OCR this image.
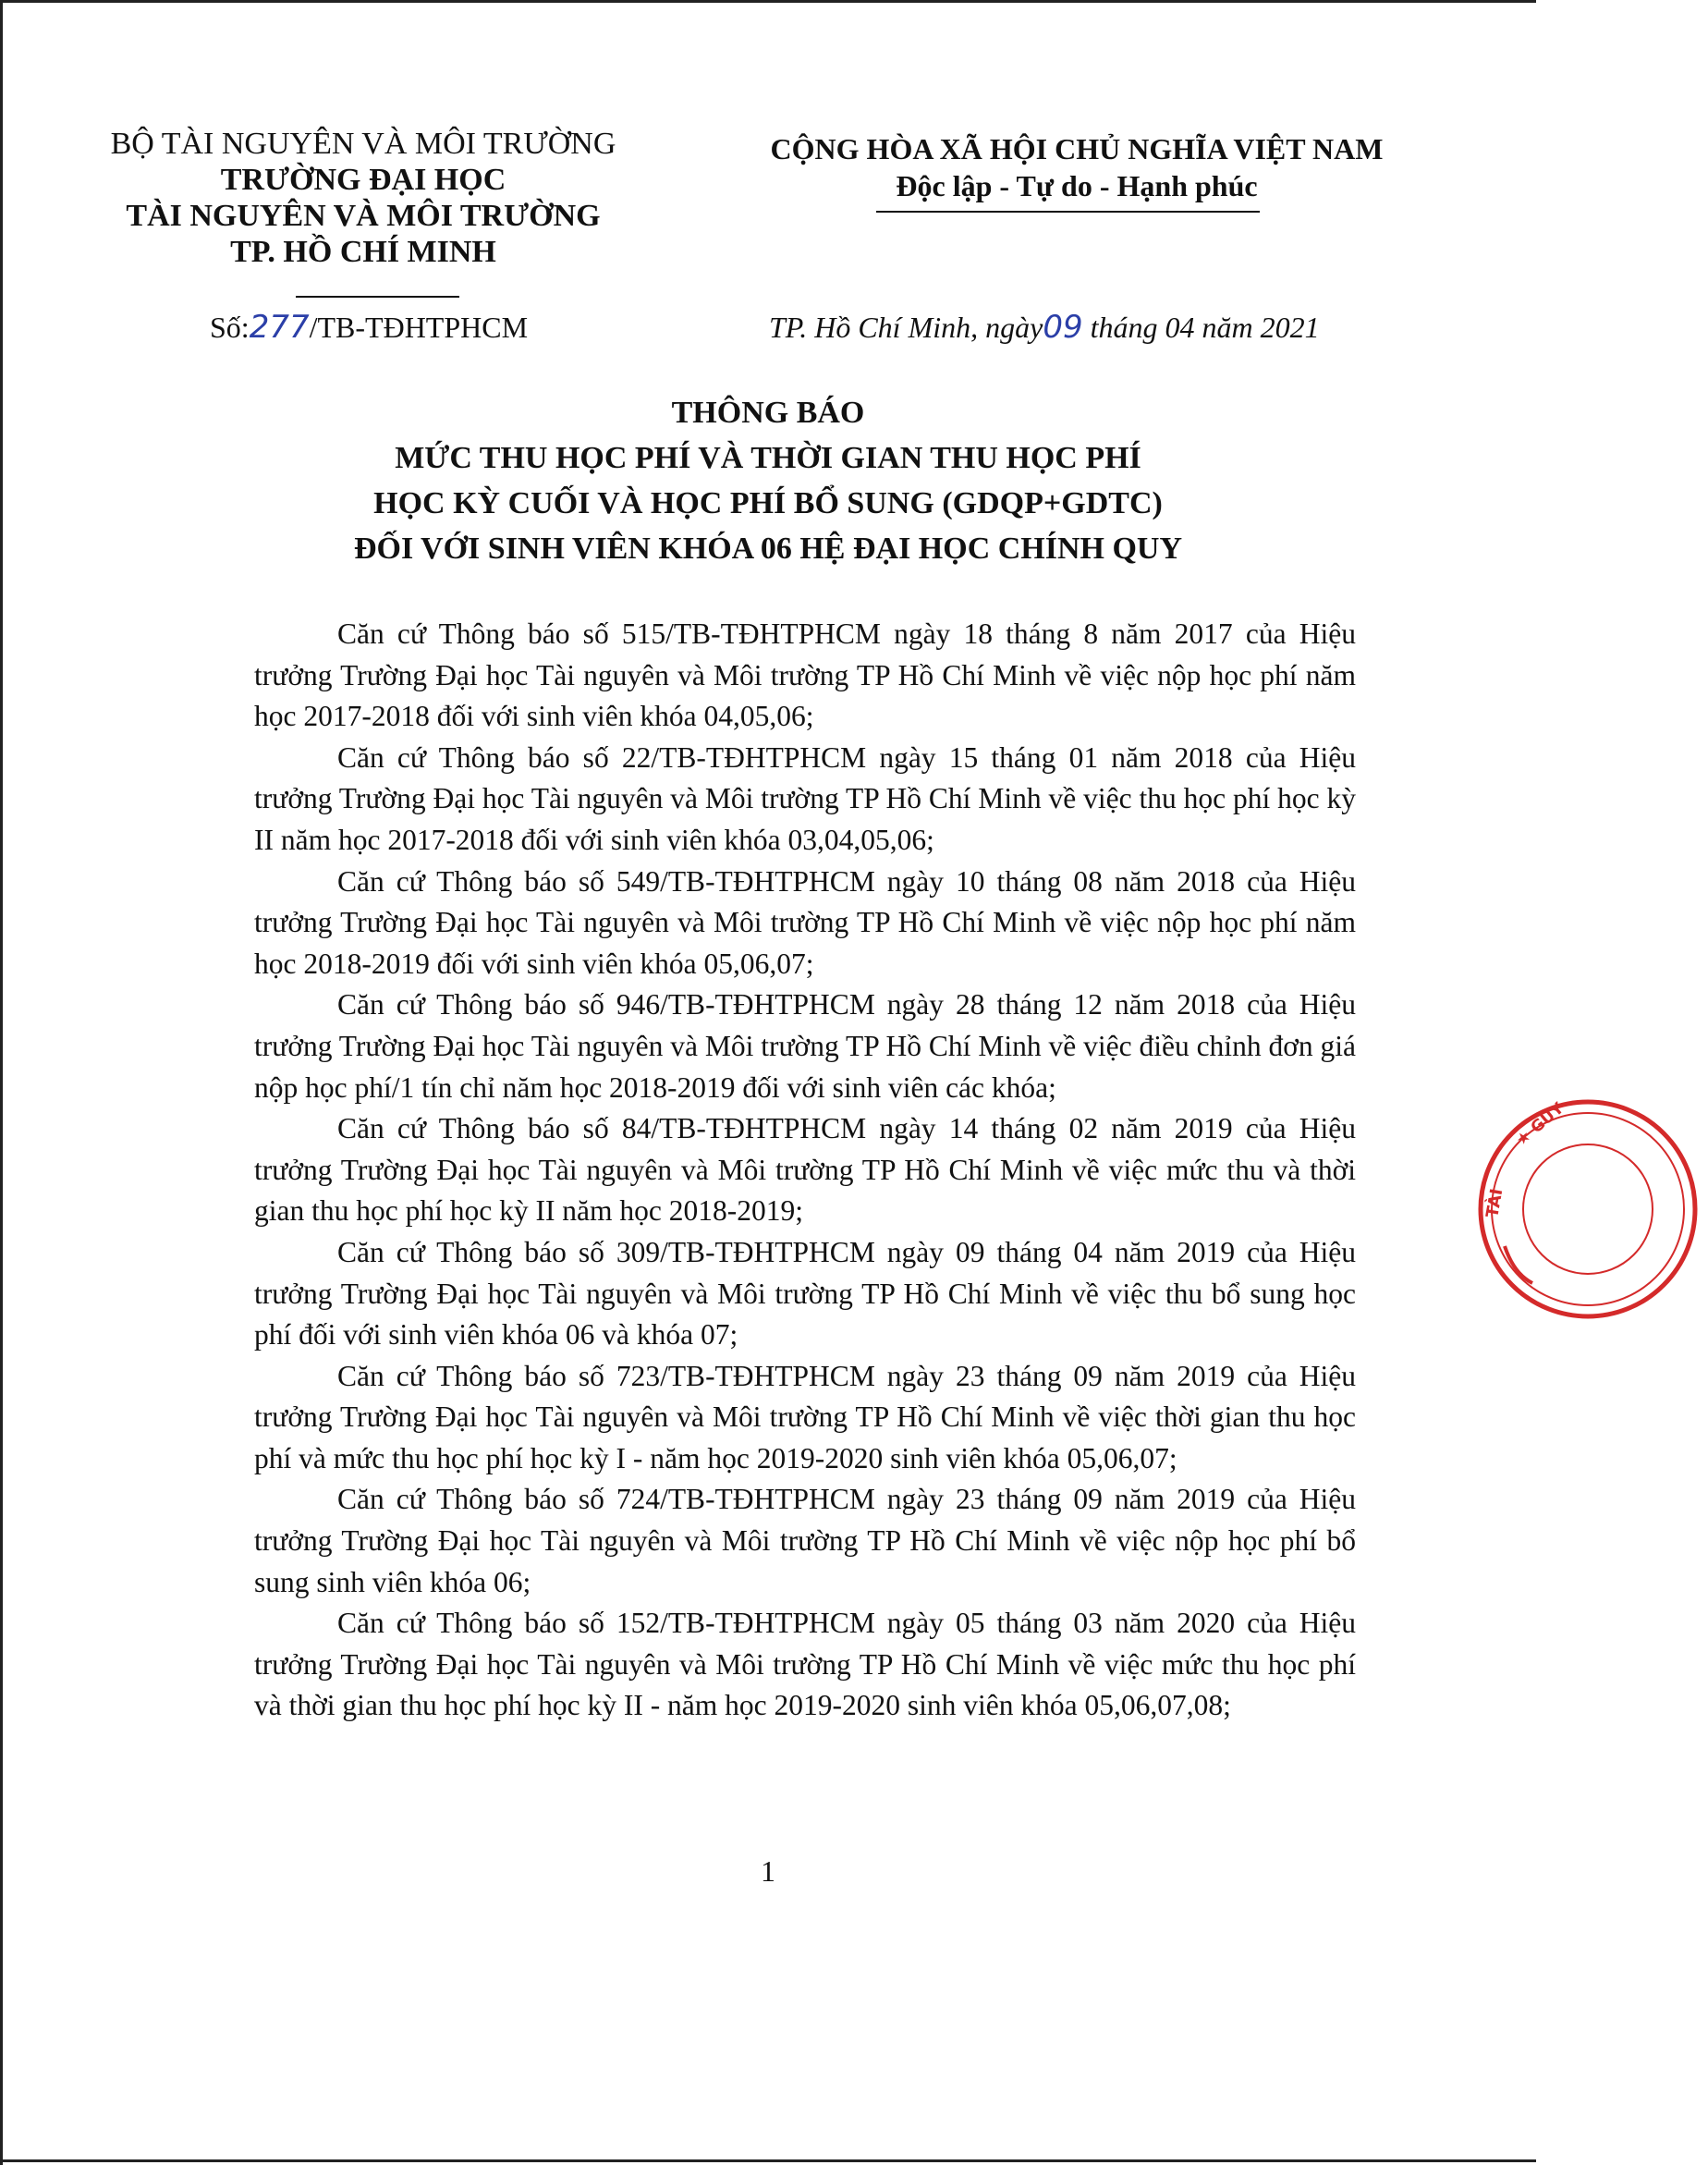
BỘ TÀI NGUYÊN VÀ MÔI TRƯỜNG
TRƯỜNG ĐẠI HỌC
TÀI NGUYÊN VÀ MÔI TRƯỜNG
TP. HỒ CHÍ MINH
CỘNG HÒA XÃ HỘI CHỦ NGHĨA VIỆT NAM
Độc lập - Tự do - Hạnh phúc
Số:277/TB-TĐHTPHCM	TP. Hồ Chí Minh, ngày09 tháng 04 năm 2021
THÔNG BÁO
MỨC THU HỌC PHÍ VÀ THỜI GIAN THU HỌC PHÍ
HỌC KỲ CUỐI VÀ HỌC PHÍ BỔ SUNG (GDQP+GDTC)
ĐỐI VỚI SINH VIÊN KHÓA 06 HỆ ĐẠI HỌC CHÍNH QUY

Căn cứ Thông báo số 515/TB-TĐHTPHCM ngày 18 tháng 8 năm 2017 của Hiệu trưởng Trường Đại học Tài nguyên và Môi trường TP Hồ Chí Minh về việc nộp học phí năm học 2017-2018 đối với sinh viên khóa 04,05,06;

Căn cứ Thông báo số 22/TB-TĐHTPHCM ngày 15 tháng 01 năm 2018 của Hiệu trưởng Trường Đại học Tài nguyên và Môi trường TP Hồ Chí Minh về việc thu học phí học kỳ II năm học 2017-2018 đối với sinh viên khóa 03,04,05,06;

Căn cứ Thông báo số 549/TB-TĐHTPHCM ngày 10 tháng 08 năm 2018 của Hiệu trưởng Trường Đại học Tài nguyên và Môi trường TP Hồ Chí Minh về việc nộp học phí năm học 2018-2019 đối với sinh viên khóa 05,06,07;

Căn cứ Thông báo số 946/TB-TĐHTPHCM ngày 28 tháng 12 năm 2018 của Hiệu trưởng Trường Đại học Tài nguyên và Môi trường TP Hồ Chí Minh về việc điều chỉnh đơn giá nộp học phí/1 tín chỉ năm học 2018-2019 đối với sinh viên các khóa;

Căn cứ Thông báo số 84/TB-TĐHTPHCM ngày 14 tháng 02 năm 2019 của Hiệu trưởng Trường Đại học Tài nguyên và Môi trường TP Hồ Chí Minh về việc mức thu và thời gian thu học phí học kỳ II năm học 2018-2019;

Căn cứ Thông báo số 309/TB-TĐHTPHCM ngày 09 tháng 04 năm 2019 của Hiệu trưởng Trường Đại học Tài nguyên và Môi trường TP Hồ Chí Minh về việc thu bổ sung học phí đối với sinh viên khóa 06 và khóa 07;

Căn cứ Thông báo số 723/TB-TĐHTPHCM ngày 23 tháng 09 năm 2019 của Hiệu trưởng Trường Đại học Tài nguyên và Môi trường TP Hồ Chí Minh về việc thời gian thu học phí và mức thu học phí học kỳ I - năm học 2019-2020 sinh viên khóa 05,06,07;

Căn cứ Thông báo số 724/TB-TĐHTPHCM ngày 23 tháng 09 năm 2019 của Hiệu trưởng Trường Đại học Tài nguyên và Môi trường TP Hồ Chí Minh về việc nộp học phí bổ sung sinh viên khóa 06;

Căn cứ Thông báo số 152/TB-TĐHTPHCM ngày 05 tháng 03 năm 2020 của Hiệu trưởng Trường Đại học Tài nguyên và Môi trường TP Hồ Chí Minh về việc mức thu học phí và thời gian thu học phí học kỳ II - năm học 2019-2020 sinh viên khóa 05,06,07,08;

1
TÀI
★ GUY
